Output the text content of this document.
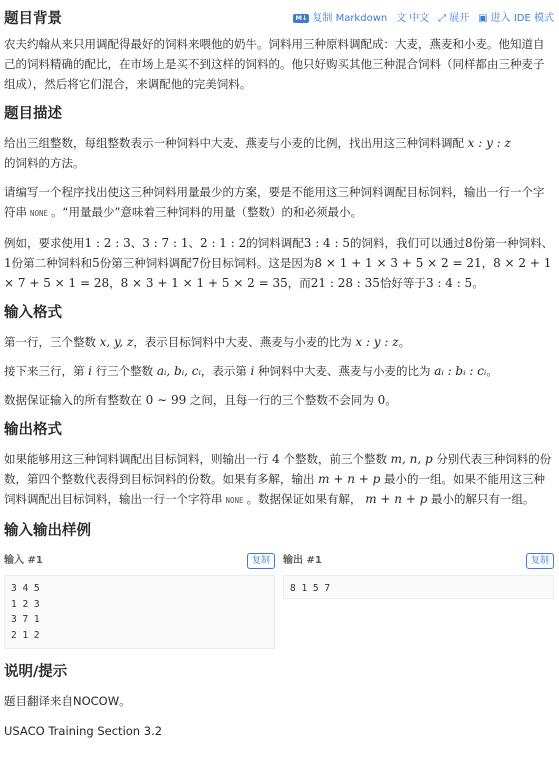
题目背景	M↓ 复制 Markdown 文 中文 ⤢ 展开 ▣ 进入 IDE 模式

农夫约翰从来只用调配得最好的饲料来喂他的奶牛。饲料用三种原料调配成：大麦，燕麦和小麦。他知道自己的饲料精确的配比，在市场上是买不到这样的饲料的。他只好购买其他三种混合饲料（同样都由三种麦子组成），然后将它们混合，来调配他的完美饲料。

题目描述

给出三组整数，每组整数表示一种饲料中大麦、燕麦与小麦的比例，找出用这三种饲料调配 x : y : z
的饲料的方法。

请编写一个程序找出使这三种饲料用量最少的方案，要是不能用这三种饲料调配目标饲料，输出一行一个字符串 NONE 。“用量最少”意味着三种饲料的用量（整数）的和必须最小。

例如，要求使用1 : 2 : 3、3 : 7 : 1、2 : 1 : 2的饲料调配3 : 4 : 5的饲料，我们可以通过8份第一种饲料、1份第二种饲料和5份第三种饲料调配7份目标饲料。这是因为8 × 1 + 1 × 3 + 5 × 2 = 21，8 × 2 + 1 × 7 + 5 × 1 = 28，8 × 3 + 1 × 1 + 5 × 2 = 35，而21 : 28 : 35恰好等于3 : 4 : 5。

输入格式

第一行，三个整数 x, y, z，表示目标饲料中大麦、燕麦与小麦的比为 x : y : z。

接下来三行，第 i 行三个整数 aᵢ, bᵢ, cᵢ，表示第 i 种饲料中大麦、燕麦与小麦的比为 aᵢ : bᵢ : cᵢ。

数据保证输入的所有整数在 0 ∼ 99 之间，且每一行的三个整数不会同为 0。

输出格式

如果能够用这三种饲料调配出目标饲料，则输出一行 4 个整数，前三个整数 m, n, p 分别代表三种饲料的份数，第四个整数代表得到目标饲料的份数。如果有多解，输出 m + n + p 最小的一组。如果不能用这三种饲料调配出目标饲料，输出一行一个字符串 NONE 。数据保证如果有解， m + n + p 最小的解只有一组。

输入输出样例
输入 #1	复制
3 4 5
1 2 3
3 7 1
2 1 2
输出 #1	复制
8 1 5 7
说明/提示

题目翻译来自NOCOW。

USACO Training Section 3.2
